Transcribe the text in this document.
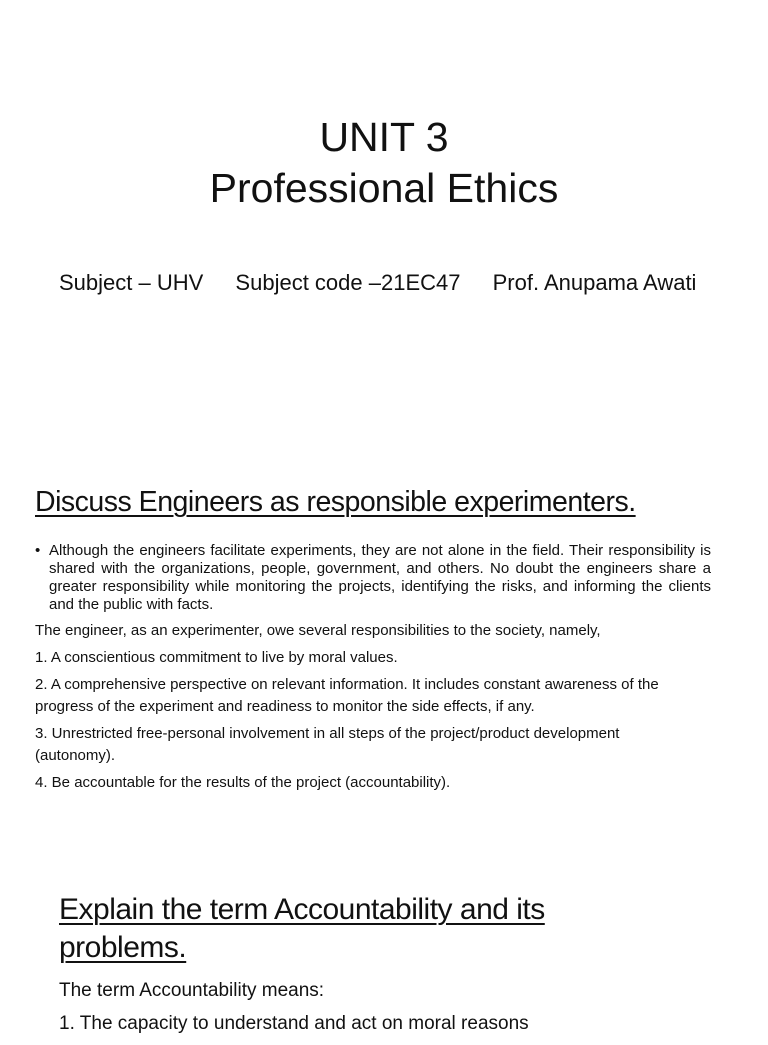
UNIT 3
Professional Ethics
Subject – UHV Subject code –21EC47 Prof. Anupama Awati
Discuss Engineers as responsible experimenters.
• Although the engineers facilitate experiments, they are not alone in the field. Their responsibility is shared with the organizations, people, government, and others. No doubt the engineers share a greater responsibility while monitoring the projects, identifying the risks, and informing the clients and the public with facts.

The engineer, as an experimenter, owe several responsibilities to the society, namely,

1. A conscientious commitment to live by moral values.

2. A comprehensive perspective on relevant information. It includes constant awareness of the

progress of the experiment and readiness to monitor the side effects, if any.

3. Unrestricted free-personal involvement in all steps of the project/product development

(autonomy).

4. Be accountable for the results of the project (accountability).

Explain the term Accountability and its
problems.

The term Accountability means:

1. The capacity to understand and act on moral reasons
